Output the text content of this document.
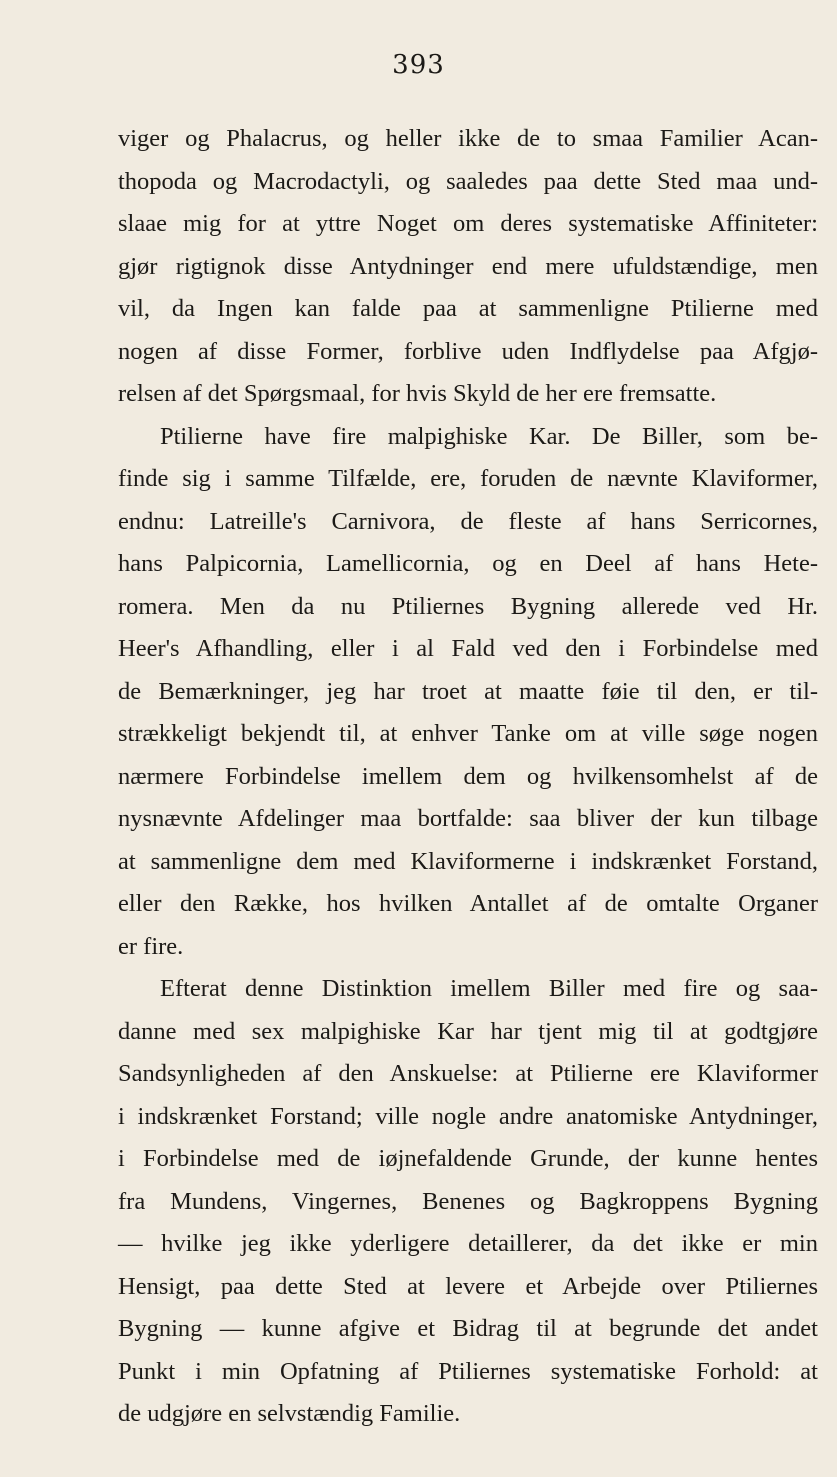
393
viger og Phalacrus, og heller ikke de to smaa Familier Acan-
thopoda og Macrodactyli, og saaledes paa dette Sted maa und-
slaae mig for at yttre Noget om deres systematiske Affiniteter:
gjør rigtignok disse Antydninger end mere ufuldstændige, men
vil, da Ingen kan falde paa at sammenligne Ptilierne med
nogen af disse Former, forblive uden Indflydelse paa Afgjø-
relsen af det Spørgsmaal, for hvis Skyld de her ere fremsatte.
Ptilierne have fire malpighiske Kar. De Biller, som be-
finde sig i samme Tilfælde, ere, foruden de nævnte Klaviformer,
endnu: Latreille's Carnivora, de fleste af hans Serricornes,
hans Palpicornia, Lamellicornia, og en Deel af hans Hete-
romera. Men da nu Ptiliernes Bygning allerede ved Hr.
Heer's Afhandling, eller i al Fald ved den i Forbindelse med
de Bemærkninger, jeg har troet at maatte føie til den, er til-
strækkeligt bekjendt til, at enhver Tanke om at ville søge nogen
nærmere Forbindelse imellem dem og hvilkensomhelst af de
nysnævnte Afdelinger maa bortfalde: saa bliver der kun tilbage
at sammenligne dem med Klaviformerne i indskrænket Forstand,
eller den Række, hos hvilken Antallet af de omtalte Organer
er fire.
Efterat denne Distinktion imellem Biller med fire og saa-
danne med sex malpighiske Kar har tjent mig til at godtgjøre
Sandsynligheden af den Anskuelse: at Ptilierne ere Klaviformer
i indskrænket Forstand; ville nogle andre anatomiske Antydninger,
i Forbindelse med de iøjnefaldende Grunde, der kunne hentes
fra Mundens, Vingernes, Benenes og Bagkroppens Bygning
— hvilke jeg ikke yderligere detaillerer, da det ikke er min
Hensigt, paa dette Sted at levere et Arbejde over Ptiliernes
Bygning — kunne afgive et Bidrag til at begrunde det andet
Punkt i min Opfatning af Ptiliernes systematiske Forhold: at
de udgjøre en selvstændig Familie.
